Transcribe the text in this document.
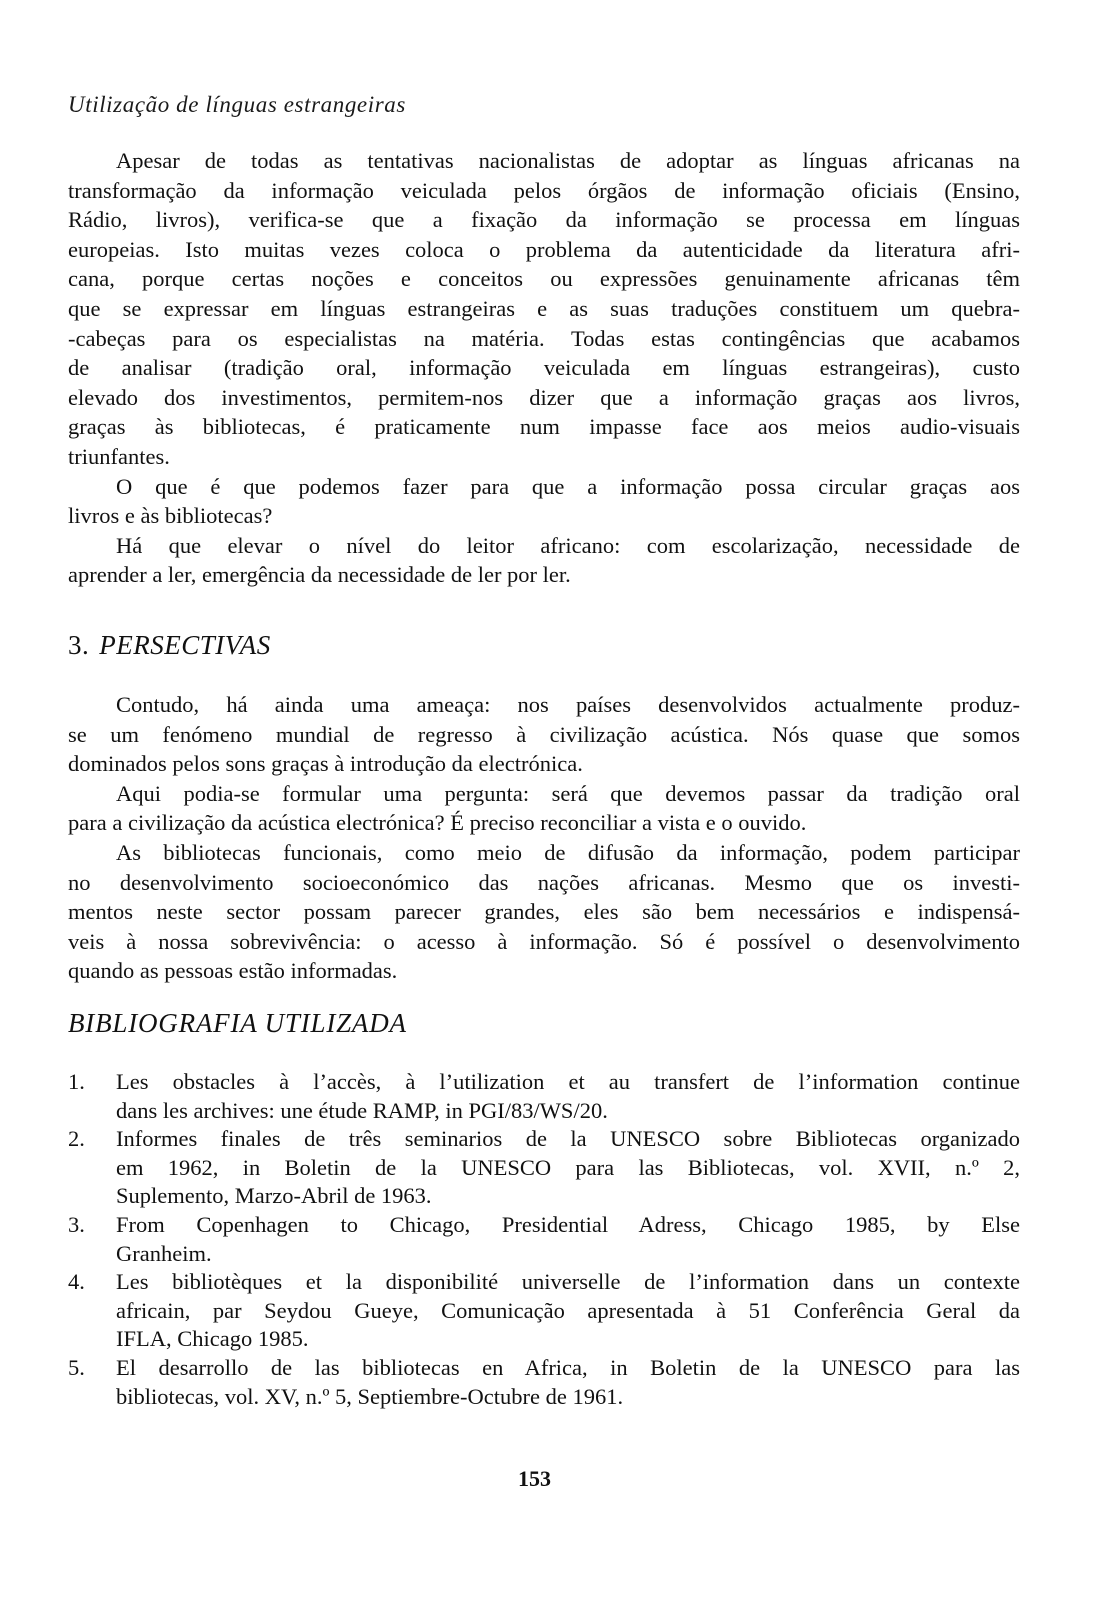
Utilização de línguas estrangeiras
Apesar de todas as tentativas nacionalistas de adoptar as línguas africanas na
transformação da informação veiculada pelos órgãos de informação oficiais (Ensino,
Rádio, livros), verifica-se que a fixação da informação se processa em línguas
europeias. Isto muitas vezes coloca o problema da autenticidade da literatura afri-
cana, porque certas noções e conceitos ou expressões genuinamente africanas têm
que se expressar em línguas estrangeiras e as suas traduções constituem um quebra-
-cabeças para os especialistas na matéria. Todas estas contingências que acabamos
de analisar (tradição oral, informação veiculada em línguas estrangeiras), custo
elevado dos investimentos, permitem-nos dizer que a informação graças aos livros,
graças às bibliotecas, é praticamente num impasse face aos meios audio-visuais
triunfantes.
O que é que podemos fazer para que a informação possa circular graças aos
livros e às bibliotecas?
Há que elevar o nível do leitor africano: com escolarização, necessidade de
aprender a ler, emergência da necessidade de ler por ler.
3. PERSECTIVAS
Contudo, há ainda uma ameaça: nos países desenvolvidos actualmente produz-
se um fenómeno mundial de regresso à civilização acústica. Nós quase que somos
dominados pelos sons graças à introdução da electrónica.
Aqui podia-se formular uma pergunta: será que devemos passar da tradição oral
para a civilização da acústica electrónica? É preciso reconciliar a vista e o ouvido.
As bibliotecas funcionais, como meio de difusão da informação, podem participar
no desenvolvimento socioeconómico das nações africanas. Mesmo que os investi-
mentos neste sector possam parecer grandes, eles são bem necessários e indispensá-
veis à nossa sobrevivência: o acesso à informação. Só é possível o desenvolvimento
quando as pessoas estão informadas.
BIBLIOGRAFIA UTILIZADA
1.	Les obstacles à l’accès, à l’utilization et au transfert de l’information continue
dans les archives: une étude RAMP, in PGI/83/WS/20.
2.	Informes finales de três seminarios de la UNESCO sobre Bibliotecas organizado
em 1962, in Boletin de la UNESCO para las Bibliotecas, vol. XVII, n.º 2,
Suplemento, Marzo-Abril de 1963.
3.	From Copenhagen to Chicago, Presidential Adress, Chicago 1985, by Else
Granheim.
4.	Les bibliotèques et la disponibilité universelle de l’information dans un contexte
africain, par Seydou Gueye, Comunicação apresentada à 51 Conferência Geral da
IFLA, Chicago 1985.
5.	El desarrollo de las bibliotecas en Africa, in Boletin de la UNESCO para las
bibliotecas, vol. XV, n.º 5, Septiembre-Octubre de 1961.
153
